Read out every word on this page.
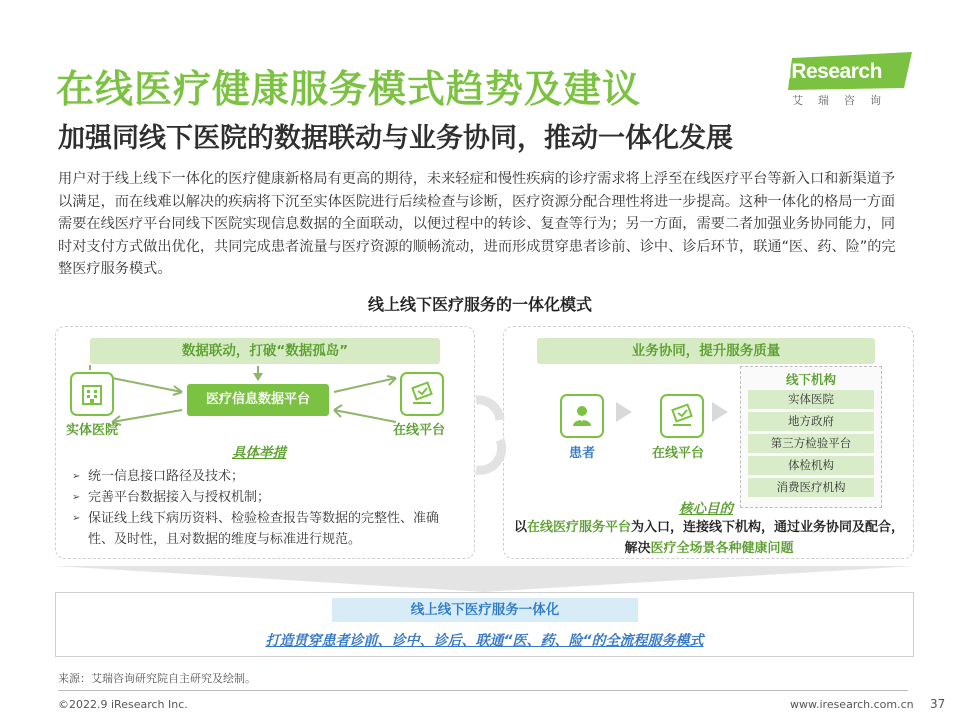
在线医疗健康服务模式趋势及建议
加强同线下医院的数据联动与业务协同，推动一体化发展
iResearch
艾瑞咨询
用户对于线上线下一体化的医疗健康新格局有更高的期待，未来轻症和慢性疾病的诊疗需求将上浮至在线医疗平台等新入口和新渠道予以满足，而在线难以解决的疾病将下沉至实体医院进行后续检查与诊断，医疗资源分配合理性将进一步提高。这种一体化的格局一方面需要在线医疗平台同线下医院实现信息数据的全面联动，以便过程中的转诊、复查等行为；另一方面，需要二者加强业务协同能力，同时对支付方式做出优化，共同完成患者流量与医疗资源的顺畅流动，进而形成贯穿患者诊前、诊中、诊后环节，联通“医、药、险”的完整医疗服务模式。
线上线下医疗服务的一体化模式
数据联动，打破“数据孤岛”
实体医院
医疗信息数据平台
在线平台
具体举措
➢ 统一信息接口路径及技术；
➢ 完善平台数据接入与授权机制；
➢ 保证线上线下病历资料、检验检查报告等数据的完整性、准确性、及时性，且对数据的维度与标准进行规范。
业务协同，提升服务质量
患者	在线平台
线下机构
实体医院
地方政府
第三方检验平台
体检机构
消费医疗机构
核心目的
以在线医疗服务平台为入口，连接线下机构，通过业务协同及配合，解决医疗全场景各种健康问题
线上线下医疗服务一体化
打造贯穿患者诊前、诊中、诊后、联通“医、药、险“的全流程服务模式
来源：艾瑞咨询研究院自主研究及绘制。
©2022.9 iResearch Inc.	www.iresearch.com.cn 37
